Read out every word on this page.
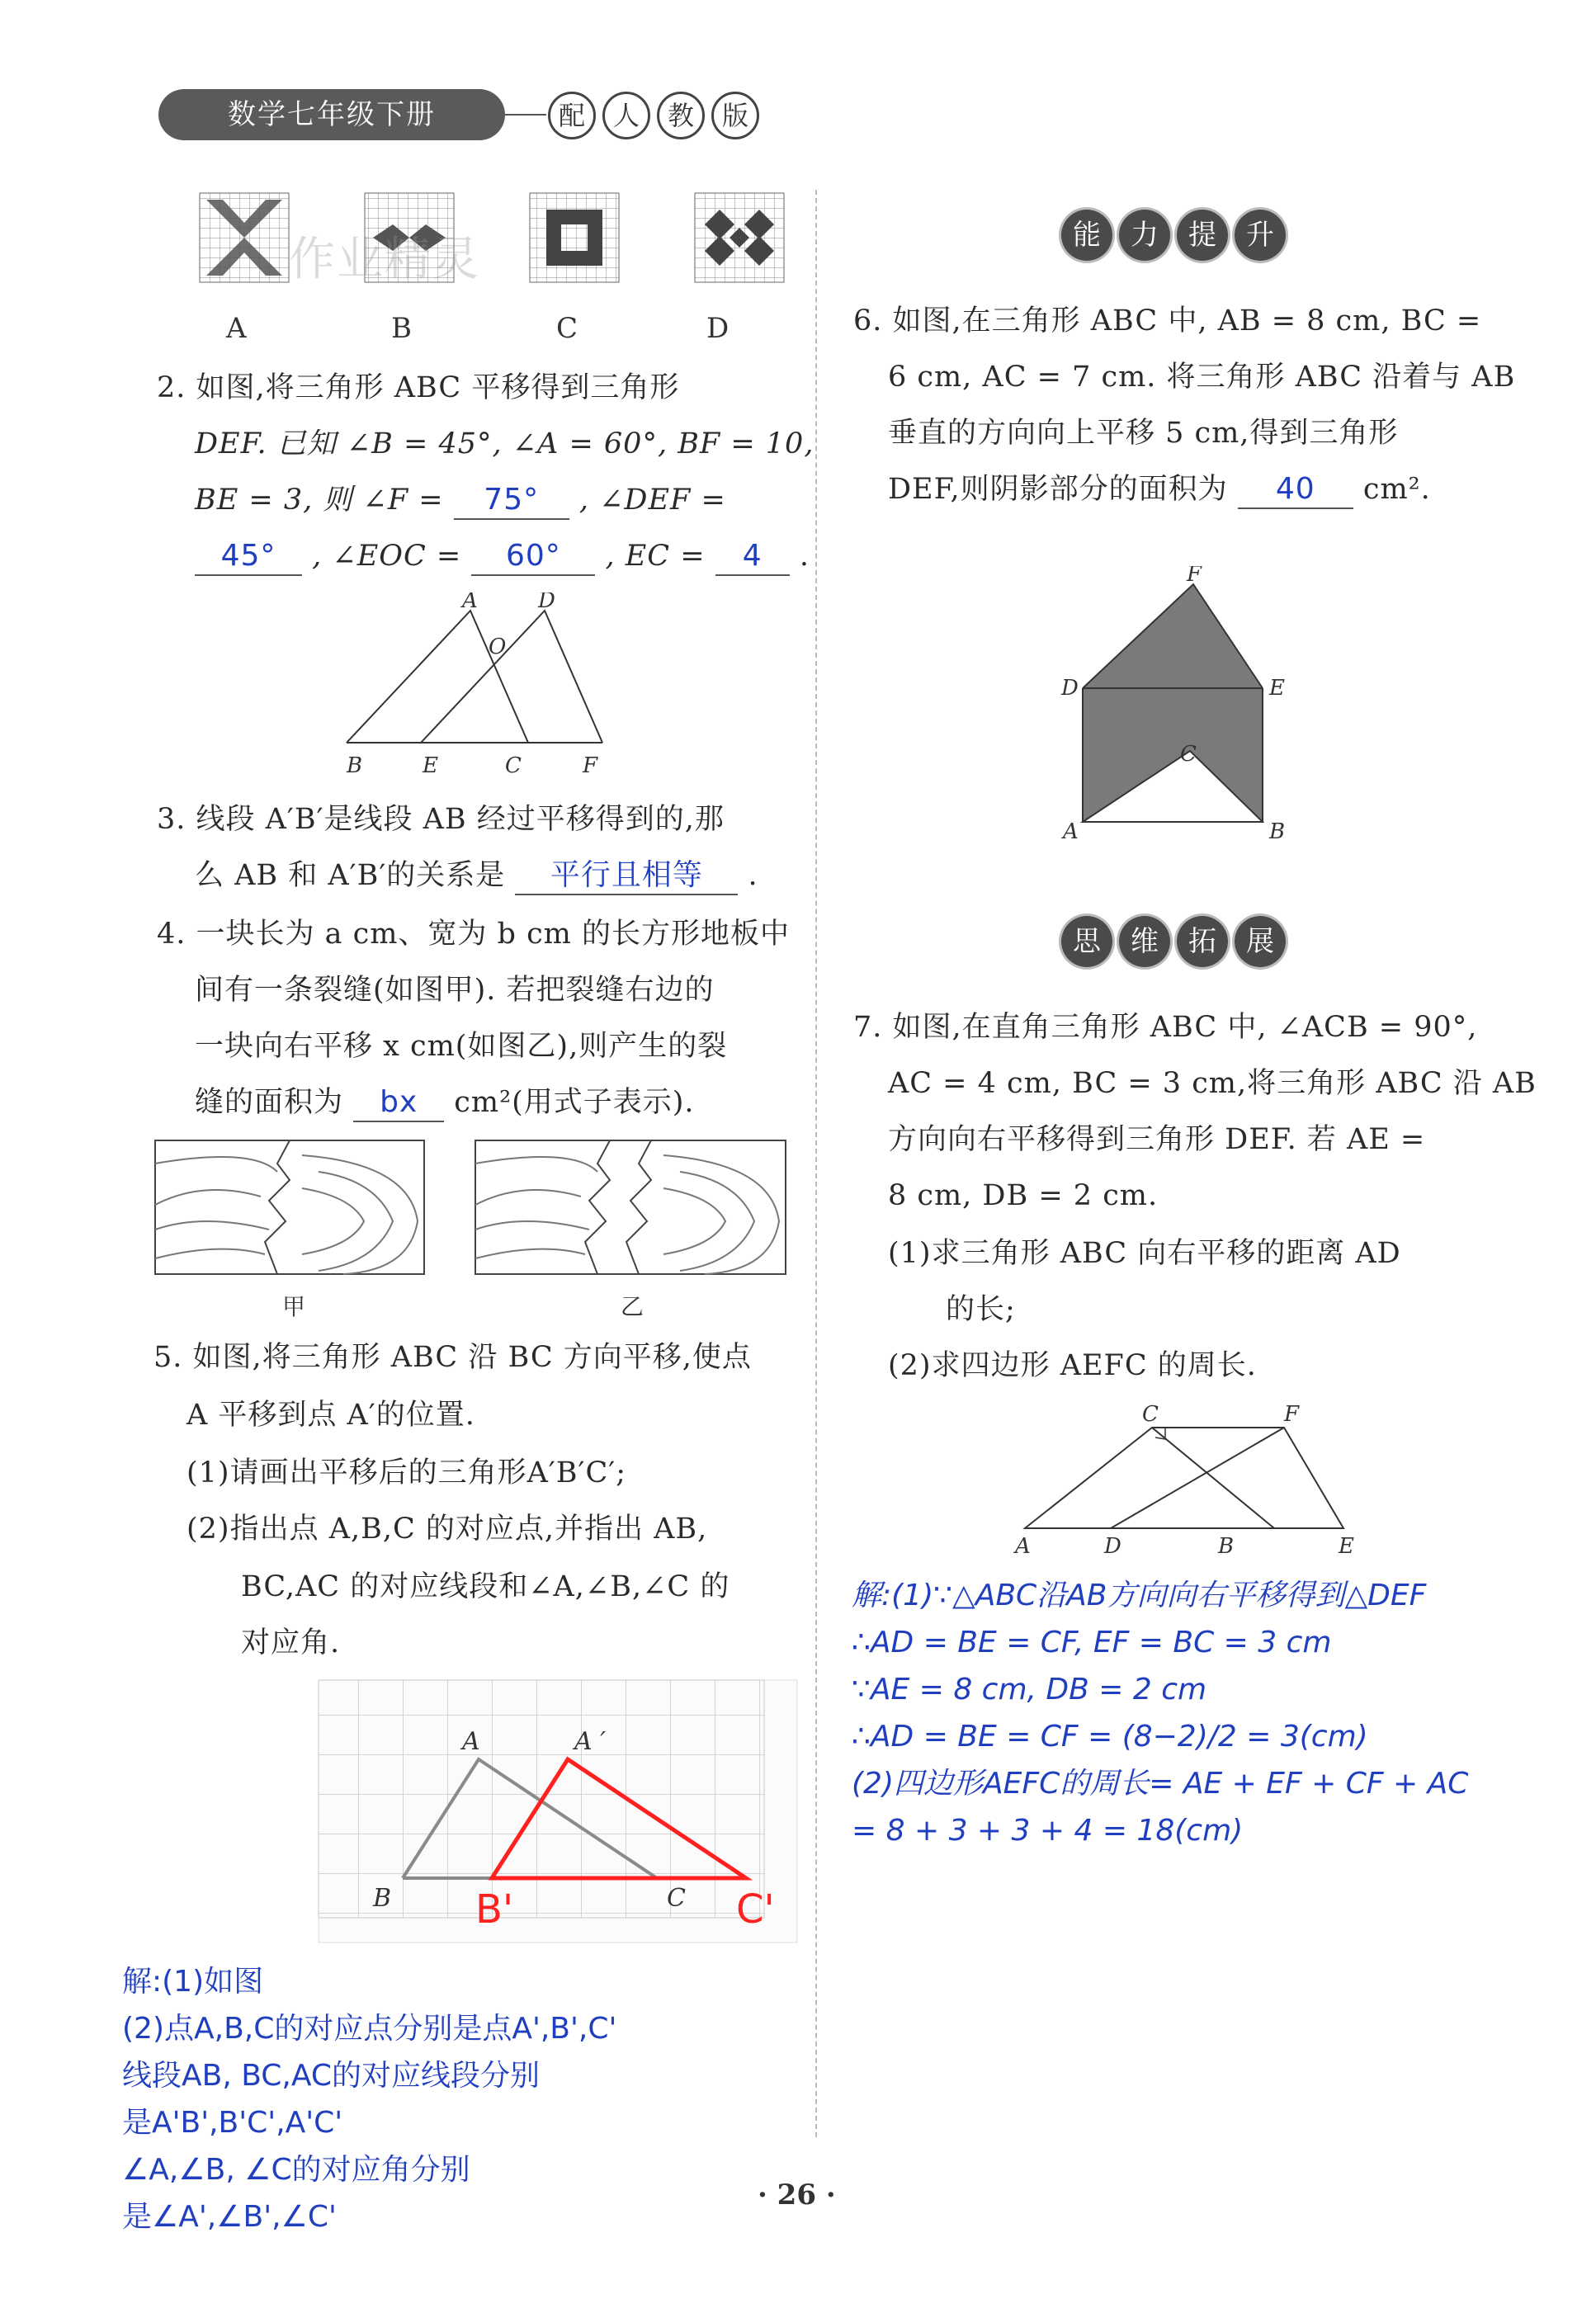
数学七年级下册	配	人	教	版
A	B	C	D
作业精灵
2. 如图,将三角形 ABC 平移得到三角形
DEF. 已知 ∠B = 45°, ∠A = 60°, BF = 10,
BE = 3, 则 ∠F = 75° , ∠DEF =
45° , ∠EOC = 60° , EC = 4 .
A	D
O
B	E	C	F
3. 线段 A′B′是线段 AB 经过平移得到的,那
么 AB 和 A′B′的关系是 平行且相等 .
4. 一块长为 a cm、宽为 b cm 的长方形地板中
间有一条裂缝(如图甲). 若把裂缝右边的
一块向右平移 x cm(如图乙),则产生的裂
缝的面积为 bx cm²(用式子表示).
甲	乙
5. 如图,将三角形 ABC 沿 BC 方向平移,使点
A 平移到点 A′的位置.
(1)请画出平移后的三角形A′B′C′;
(2)指出点 A,B,C 的对应点,并指出 AB,
BC,AC 的对应线段和∠A,∠B,∠C 的
对应角.
A	A ′
B	C
B'	C'
解:(1)如图
(2)点A,B,C的对应点分别是点A',B',C'
线段AB, BC,AC的对应线段分别
是A'B',B'C',A'C'
∠A,∠B, ∠C的对应角分别
是∠A',∠B',∠C'
能	力	提	升
6. 如图,在三角形 ABC 中, AB = 8 cm, BC =
6 cm, AC = 7 cm. 将三角形 ABC 沿着与 AB
垂直的方向向上平移 5 cm,得到三角形
DEF,则阴影部分的面积为 40 cm².
F
D	E
C
A	B
思	维	拓	展
7. 如图,在直角三角形 ABC 中, ∠ACB = 90°,
AC = 4 cm, BC = 3 cm,将三角形 ABC 沿 AB
方向向右平移得到三角形 DEF. 若 AE =
8 cm, DB = 2 cm.
(1)求三角形 ABC 向右平移的距离 AD
的长;
(2)求四边形 AEFC 的周长.
C	F
A	D	B	E
解:(1)∵△ABC沿AB方向向右平移得到△DEF
∴AD = BE = CF, EF = BC = 3 cm
∵AE = 8 cm, DB = 2 cm
∴AD = BE = CF = (8−2)/2 = 3(cm)
(2)四边形AEFC的周长= AE + EF + CF + AC
= 8 + 3 + 3 + 4 = 18(cm)
· 26 ·
